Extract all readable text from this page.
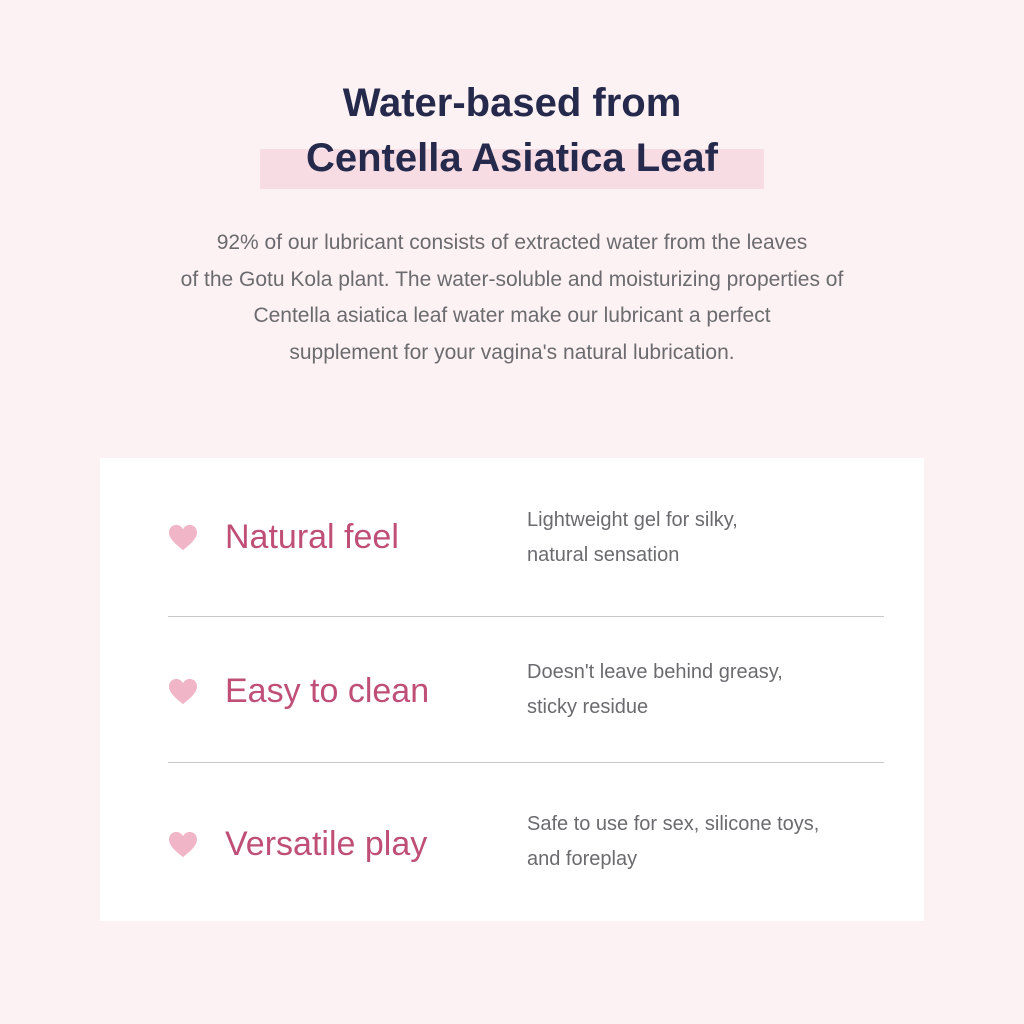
Water-based from
Centella Asiatica Leaf
92% of our lubricant consists of extracted water from the leaves
of the Gotu Kola plant. The water-soluble and moisturizing properties of
Centella asiatica leaf water make our lubricant a perfect
supplement for your vagina's natural lubrication.
Natural feel	Lightweight gel for silky,
natural sensation
Easy to clean	Doesn't leave behind greasy,
sticky residue
Versatile play
Safe to use for sex, silicone toys,
and foreplay
